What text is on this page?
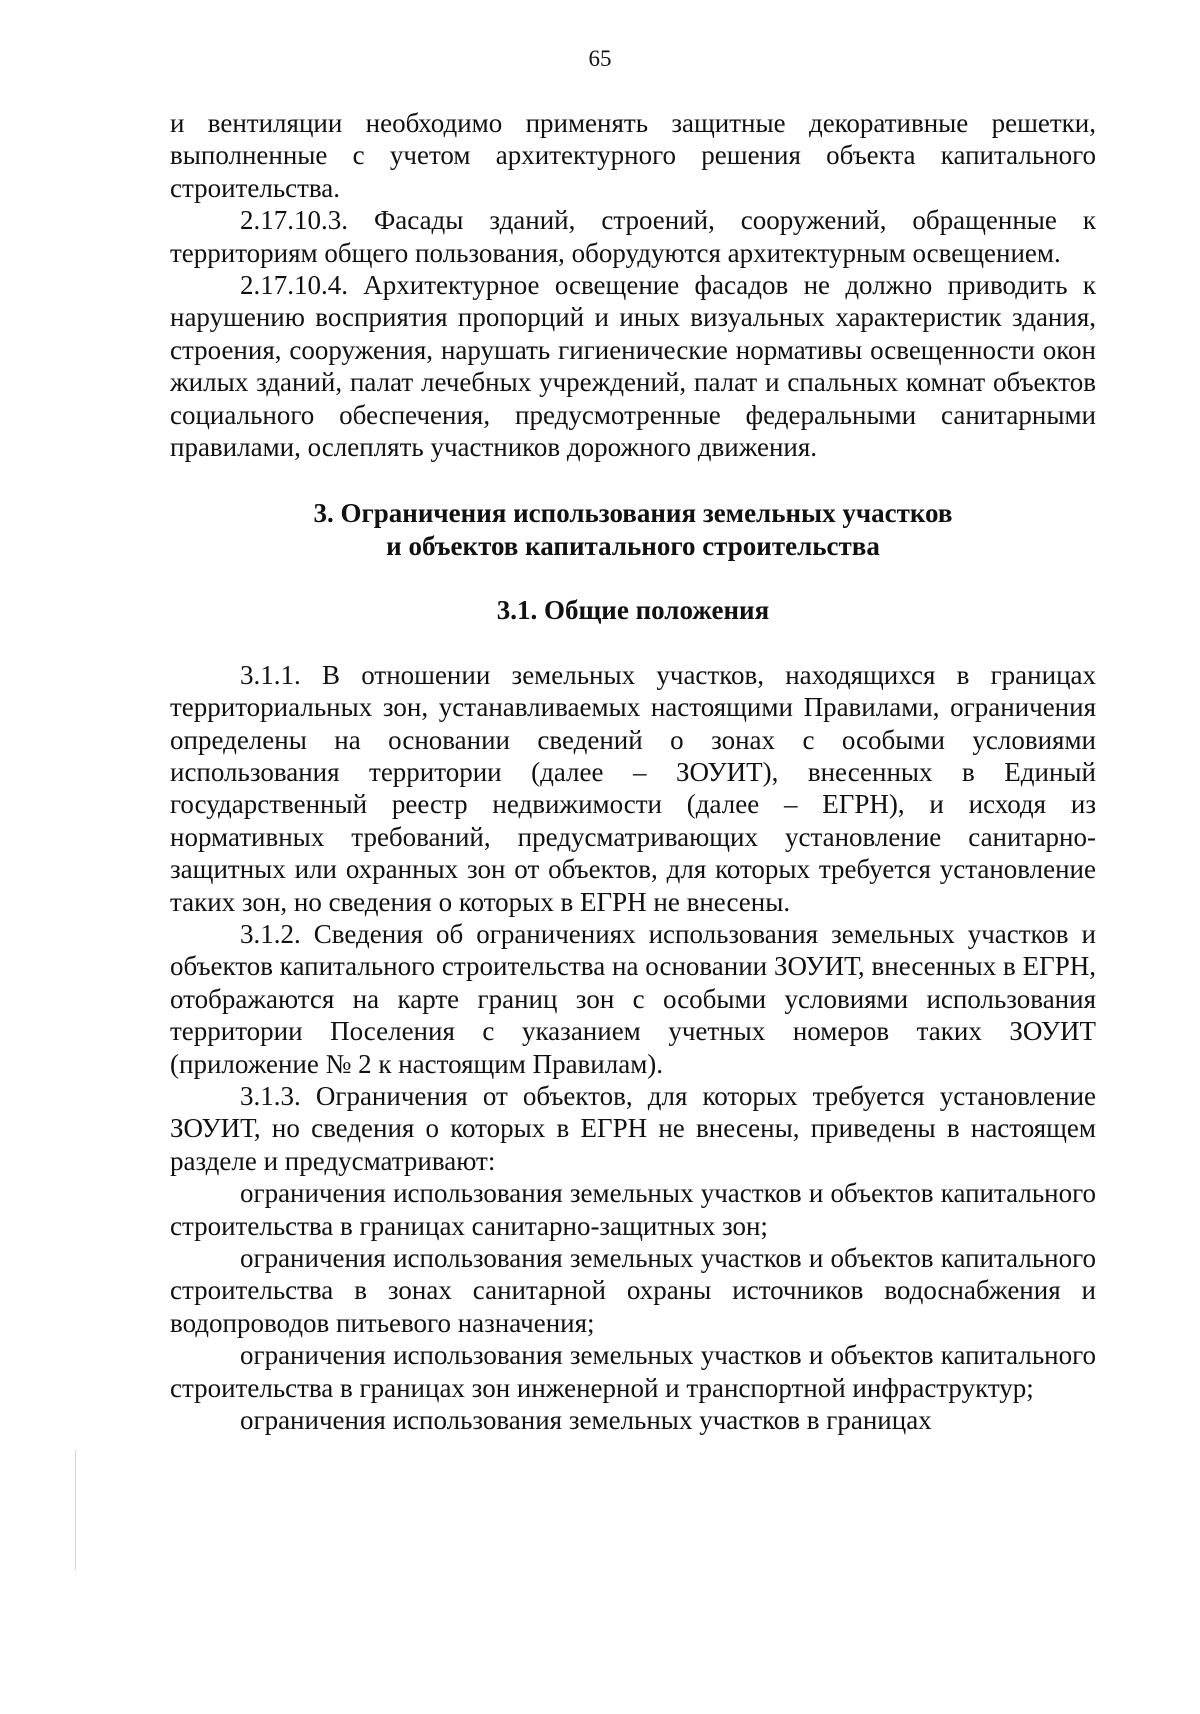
65

и вентиляции необходимо применять защитные декоративные решетки, выполненные с учетом архитектурного решения объекта капитального строительства.

2.17.10.3. Фасады зданий, строений, сооружений, обращенные к территориям общего пользования, оборудуются архитектурным освещением.

2.17.10.4. Архитектурное освещение фасадов не должно приводить к нарушению восприятия пропорций и иных визуальных характеристик здания, строения, сооружения, нарушать гигиенические нормативы освещенности окон жилых зданий, палат лечебных учреждений, палат и спальных комнат объектов социального обеспечения, предусмотренные федеральными санитарными правилами, ослеплять участников дорожного движения.

3. Ограничения использования земельных участков
и объектов капитального строительства
3.1. Общие положения

3.1.1. В отношении земельных участков, находящихся в границах территориальных зон, устанавливаемых настоящими Правилами, ограничения определены на основании сведений о зонах с особыми условиями использования территории (далее – ЗОУИТ), внесенных в Единый государственный реестр недвижимости (далее – ЕГРН), и исходя из нормативных требований, предусматривающих установление санитарно-защитных или охранных зон от объектов, для которых требуется установление таких зон, но сведения о которых в ЕГРН не внесены.

3.1.2. Сведения об ограничениях использования земельных участков и объектов капитального строительства на основании ЗОУИТ, внесенных в ЕГРН, отображаются на карте границ зон с особыми условиями использования территории Поселения с указанием учетных номеров таких ЗОУИТ (приложение № 2 к настоящим Правилам).

3.1.3. Ограничения от объектов, для которых требуется установление ЗОУИТ, но сведения о которых в ЕГРН не внесены, приведены в настоящем разделе и предусматривают:

ограничения использования земельных участков и объектов капитального строительства в границах санитарно-защитных зон;

ограничения использования земельных участков и объектов капитального строительства в зонах санитарной охраны источников водоснабжения и водопроводов питьевого назначения;

ограничения использования земельных участков и объектов капитального строительства в границах зон инженерной и транспортной инфраструктур;

ограничения использования земельных участков в границах
